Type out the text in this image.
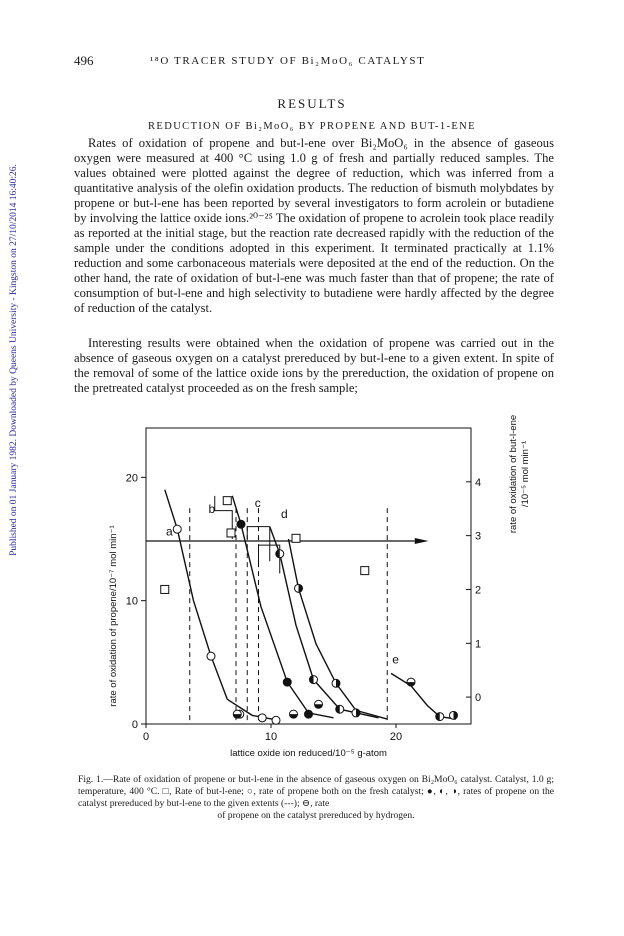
Published on 01 January 1982. Downloaded by Queens University - Kingston on 27/10/2014 16:40:26.
496	¹⁸O TRACER STUDY OF Bi₂MoO₆ CATALYST
RESULTS
REDUCTION OF Bi₂MoO₆ BY PROPENE AND BUT-1-ENE

Rates of oxidation of propene and but-l-ene over Bi₂MoO₆ in the absence of gaseous oxygen were measured at 400 °C using 1.0 g of fresh and partially reduced samples. The values obtained were plotted against the degree of reduction, which was inferred from a quantitative analysis of the olefin oxidation products. The reduction of bismuth molybdates by propene or but-l-ene has been reported by several investigators to form acrolein or butadiene by involving the lattice oxide ions.²⁰⁻²⁵ The oxidation of propene to acrolein took place readily as reported at the initial stage, but the reaction rate decreased rapidly with the reduction of the sample under the conditions adopted in this experiment. It terminated practically at 1.1% reduction and some carbonaceous materials were deposited at the end of the reduction. On the other hand, the rate of oxidation of but-l-ene was much faster than that of propene; the rate of consumption of but-l-ene and high selectivity to butadiene were hardly affected by the degree of reduction of the catalyst.

Interesting results were obtained when the oxidation of propene was carried out in the absence of gaseous oxygen on a catalyst prereduced by but-l-ene to a given extent. In spite of the removal of some of the lattice oxide ions by the prereduction, the oxidation of propene on the pretreated catalyst proceeded as on the fresh sample;

0
10
20
0	10	20
0
1
2
3
4
lattice oxide ion reduced/10⁻⁵ g-atom
rate of oxidation of propene/10⁻⁷ mol min⁻¹
rate of oxidation of but-l-ene /10⁻⁵ mol min⁻¹
a
b	c
d
e
Fig. 1.—Rate of oxidation of propene or but-l-ene in the absence of gaseous oxygen on Bi₂MoO₆ catalyst. Catalyst, 1.0 g; temperature, 400 °C. □, Rate of but-l-ene; ○, rate of propene both on the fresh catalyst; ●, ◐, ◑, rates of propene on the catalyst prereduced by but-l-ene to the given extents (---); ⊖, rate
of propene on the catalyst prereduced by hydrogen.
